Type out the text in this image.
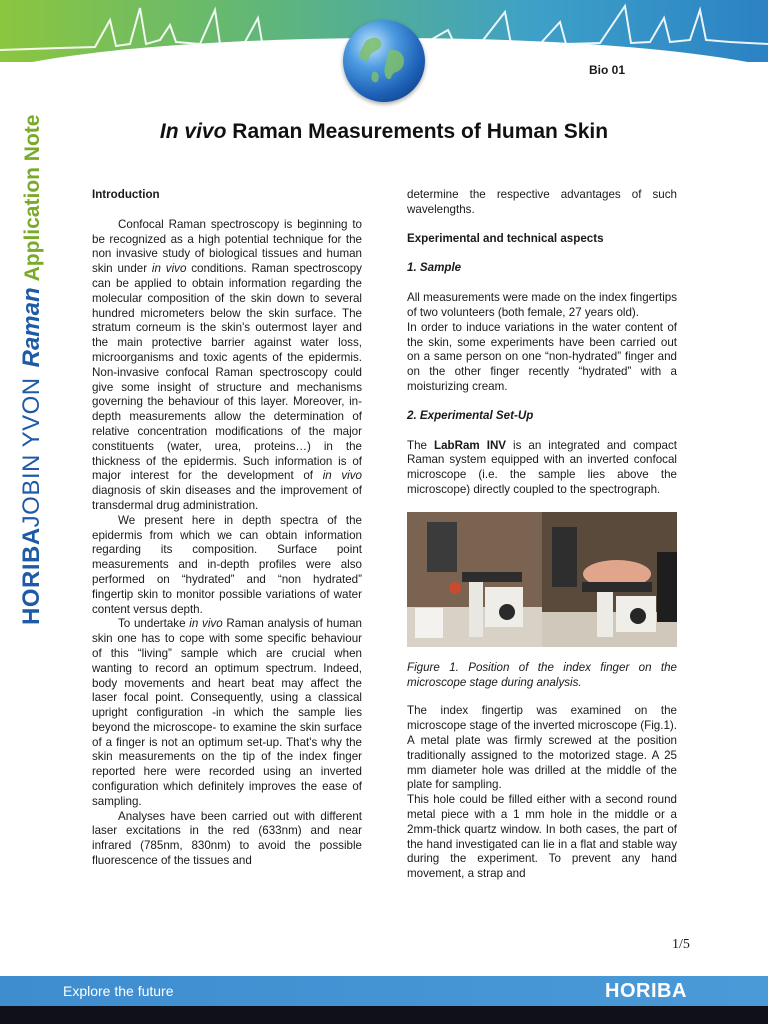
Bio 01
HORIBAJOBIN YVONRamanApplication Note	In vivo Raman Measurements of Human Skin

Introduction

Confocal Raman spectroscopy is beginning to be recognized as a high potential technique for the non invasive study of biological tissues and human skin under in vivo conditions. Raman spectroscopy can be applied to obtain information regarding the molecular composition of the skin down to several hundred micrometers below the skin surface. The stratum corneum is the skin's outermost layer and the main protective barrier against water loss, microorganisms and toxic agents of the epidermis. Non-invasive confocal Raman spectroscopy could give some insight of structure and mechanisms governing the behaviour of this layer. Moreover, in-depth measurements allow the determination of relative concentration modifications of the major constituents (water, urea, proteins…) in the thickness of the epidermis. Such information is of major interest for the development of in vivo diagnosis of skin diseases and the improvement of transdermal drug administration.

We present here in depth spectra of the epidermis from which we can obtain information regarding its composition. Surface point measurements and in-depth profiles were also performed on “hydrated” and “non hydrated” fingertip skin to monitor possible variations of water content versus depth.

To undertake in vivo Raman analysis of human skin one has to cope with some specific behaviour of this “living” sample which are crucial when wanting to record an optimum spectrum. Indeed, body movements and heart beat may affect the laser focal point. Consequently, using a classical upright configuration -in which the sample lies beyond the microscope- to examine the skin surface of a finger is not an optimum set-up. That's why the skin measurements on the tip of the index finger reported here were recorded using an inverted configuration which definitely improves the ease of sampling.

Analyses have been carried out with different laser excitations in the red (633nm) and near infrared (785nm, 830nm) to avoid the possible fluorescence of the tissues and

determine the respective advantages of such wavelengths.

Experimental and technical aspects

1. Sample

All measurements were made on the index fingertips of two volunteers (both female, 27 years old).

In order to induce variations in the water content of the skin, some experiments have been carried out on a same person on one “non-hydrated” finger and on the other finger recently “hydrated” with a moisturizing cream.

2. Experimental Set-Up

The LabRam INV is an integrated and compact Raman system equipped with an inverted confocal microscope (i.e. the sample lies above the microscope) directly coupled to the spectrograph.

Figure 1. Position of the index finger on the microscope stage during analysis.

The index fingertip was examined on the microscope stage of the inverted microscope (Fig.1). A metal plate was firmly screwed at the position traditionally assigned to the motorized stage. A 25 mm diameter hole was drilled at the middle of the plate for sampling.

This hole could be filled either with a second round metal piece with a 1 mm hole in the middle or a 2mm-thick quartz window. In both cases, the part of the hand investigated can lie in a flat and stable way during the experiment. To prevent any hand movement, a strap and

1/5
Explore the future	HORIBA
